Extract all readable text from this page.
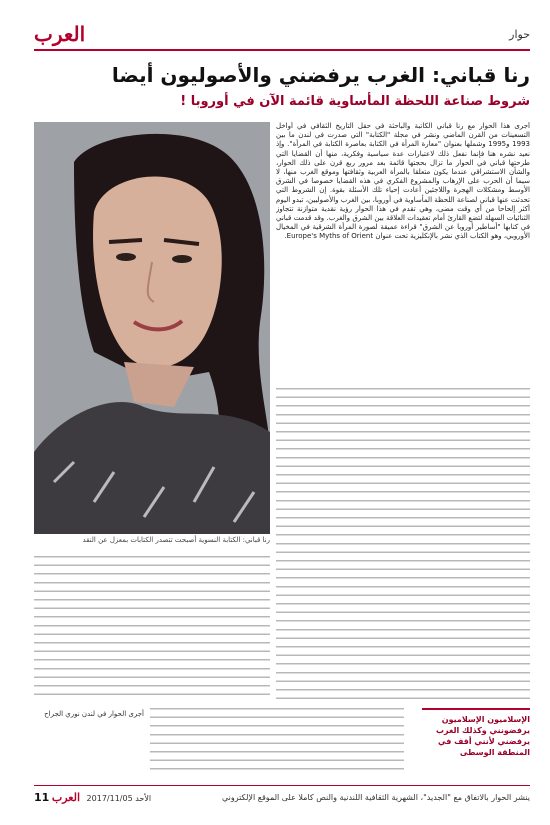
حوار
العرب
رنا قباني: الغرب يرفضني والأصوليون أيضا
شروط صناعة اللحظة المأساوية قائمة الآن في أوروبا !
رنا قباني: الكتابة النسوية أصبحت تتصدر الكتابات بمعزل عن النقد

أجرى هذا الحوار مع رنا قباني الكاتبة والباحثة في حقل التاريخ الثقافي في أواخل التسعينات من القرن الماضي ونشر في مجلة "الكتابة" التي صدرت في لندن ما بين 1993 و1995 وشملها بعنوان "معارة المرأة في الكتابة بعاصرة الكتابة في المرأة". وإذ نعيد نشره هنا فإنما نفعل ذلك لاعتبارات عدة سياسية وفكرية، منها أن القضايا التي طرحتها قباني في الحوار ما تزال بحجتها قائمة بعد مرور ربع قرن على ذلك الحوار، والشأن الاستشراقي عندما يكون متعلقا بالمرأة العربية وثقافتها وموقع الغرب منها، لا سيما أن الحرب على الإرهاب والمشروع الفكري في هذه القضايا خصوصا في الشرق الأوسط ومشكلات الهجرة واللاجئين أعادت إحياء تلك الأسئلة بقوة. إن الشروط التي تحدثت عنها قباني لصناعة اللحظة المأساوية في أوروبا، بين الغرب والأصوليين، تبدو اليوم أكثر إلحاحا من أي وقت مضى، وهي تقدم في هذا الحوار رؤية نقدية متوازنة تتجاوز الثنائيات السهلة لتضع القارئ أمام تعقيدات العلاقة بين الشرق والغرب. وقد قدمت قباني في كتابها "أساطير أوروبا عن الشرق" قراءة عميقة لصورة المرأة الشرقية في المخيال الأوروبي، وهو الكتاب الذي نشر بالإنكليزية تحت عنوان Europe's Myths of Orient.

أجرى الحوار في لندن نوري الجراح
الإسلاميون الإسلاميون يرفضونني وكذلك الغرب يرفضني لأنني أقف في المنطقة الوسطى
ينشر الحوار بالاتفاق مع "الجديد"، الشهرية الثقافية اللندنية والنص كاملا على الموقع الإلكتروني
الأحد 2017/11/05 العرب 11
